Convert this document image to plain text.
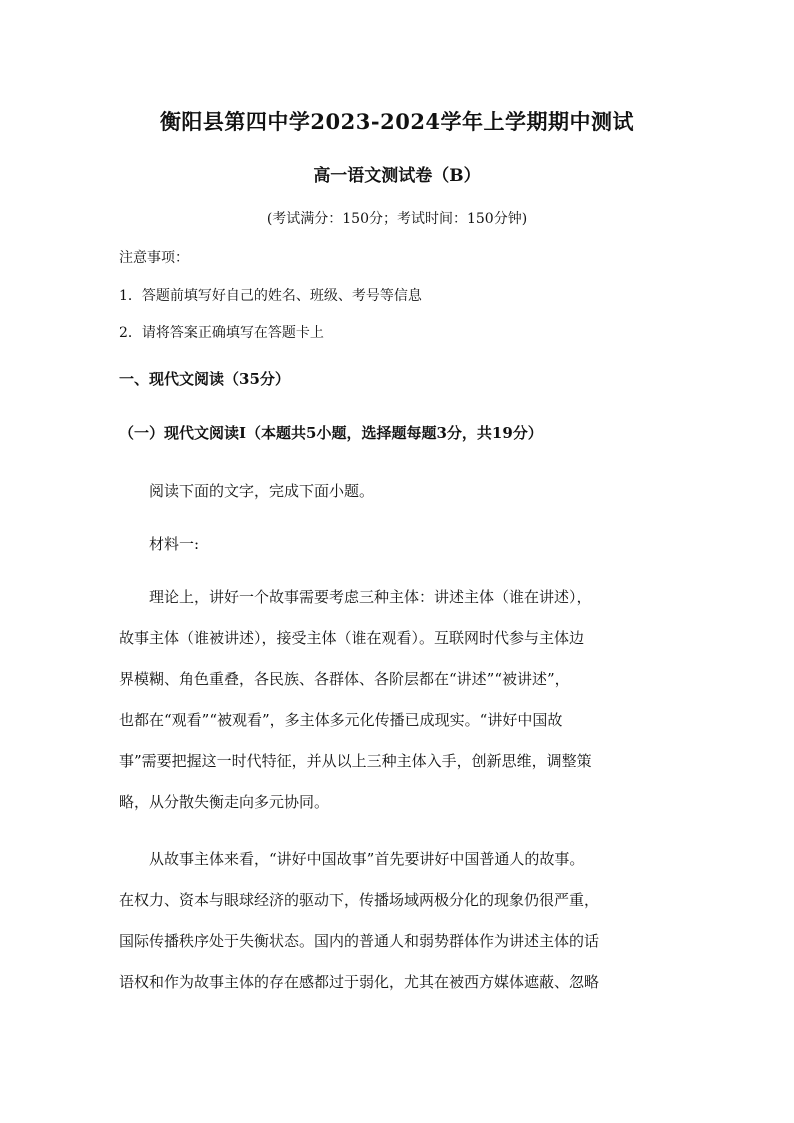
衡阳县第四中学2023-2024学年上学期期中测试
高一语文测试卷（B）
(考试满分：150分；考试时间：150分钟)
注意事项：
1．答题前填写好自己的姓名、班级、考号等信息
2．请将答案正确填写在答题卡上
一、现代文阅读（35分）
（一）现代文阅读Ⅰ（本题共5小题，选择题每题3分，共19分）
阅读下面的文字，完成下面小题。
材料一:
理论上，讲好一个故事需要考虑三种主体：讲述主体（谁在讲述），
故事主体（谁被讲述），接受主体（谁在观看）。互联网时代参与主体边
界模糊、角色重叠，各民族、各群体、各阶层都在“讲述”“被讲述”，
也都在“观看”“被观看”，多主体多元化传播已成现实。“讲好中国故
事”需要把握这一时代特征，并从以上三种主体入手，创新思维，调整策
略，从分散失衡走向多元协同。
从故事主体来看，“讲好中国故事”首先要讲好中国普通人的故事。
在权力、资本与眼球经济的驱动下，传播场域两极分化的现象仍很严重，
国际传播秩序处于失衡状态。国内的普通人和弱势群体作为讲述主体的话
语权和作为故事主体的存在感都过于弱化，尤其在被西方媒体遮蔽、忽略
